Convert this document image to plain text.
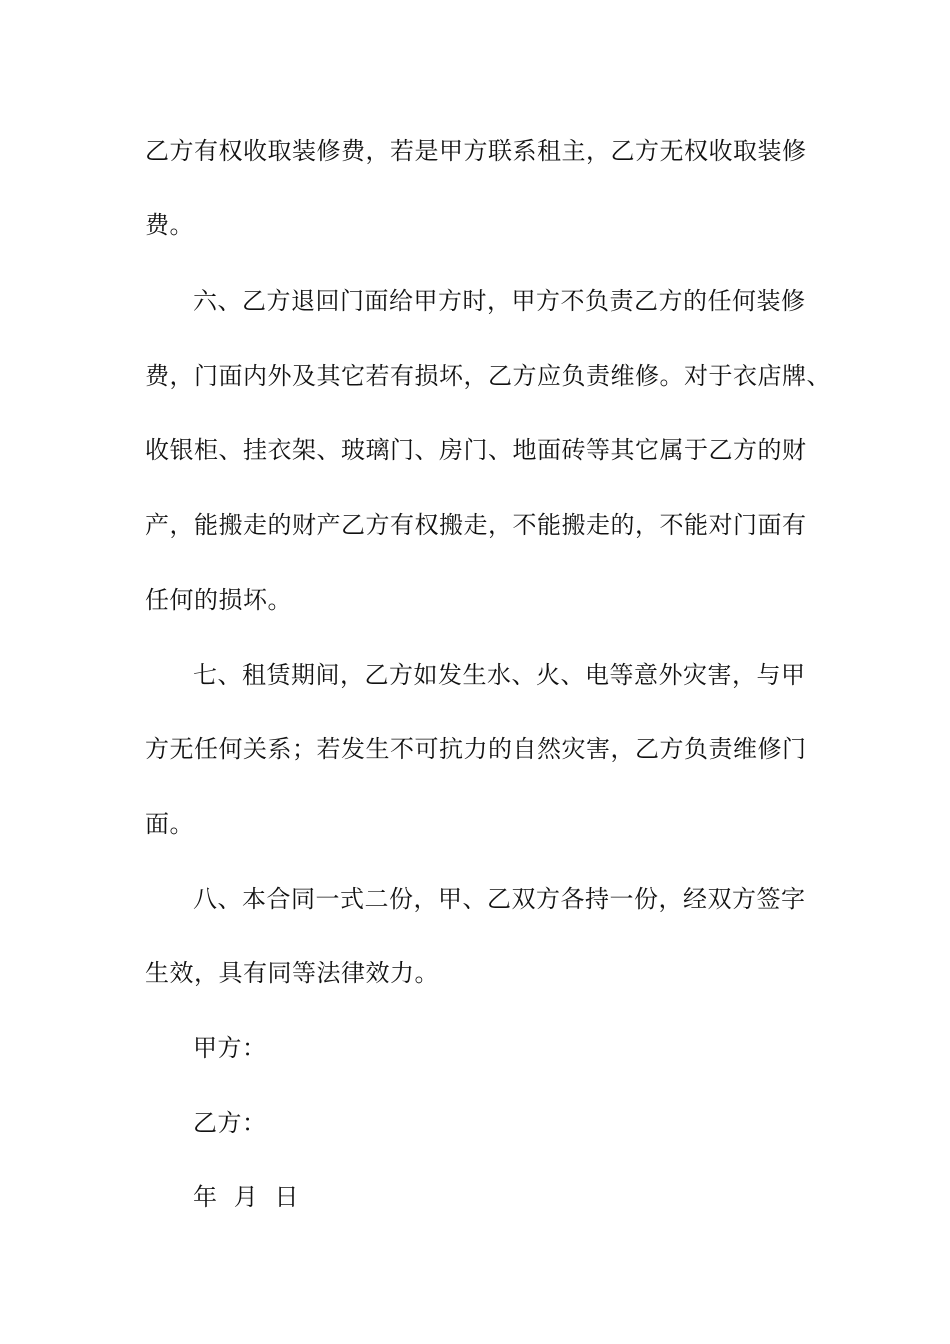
乙方有权收取装修费，若是甲方联系租主，乙方无权收取装修
费。
六、乙方退回门面给甲方时，甲方不负责乙方的任何装修
费，门面内外及其它若有损坏，乙方应负责维修。对于衣店牌、
收银柜、挂衣架、玻璃门、房门、地面砖等其它属于乙方的财
产，能搬走的财产乙方有权搬走，不能搬走的，不能对门面有
任何的损坏。
七、租赁期间，乙方如发生水、火、电等意外灾害，与甲
方无任何关系；若发生不可抗力的自然灾害，乙方负责维修门
面。
八、本合同一式二份，甲、乙双方各持一份，经双方签字
生效，具有同等法律效力。
甲方：
乙方：
年  月  日
